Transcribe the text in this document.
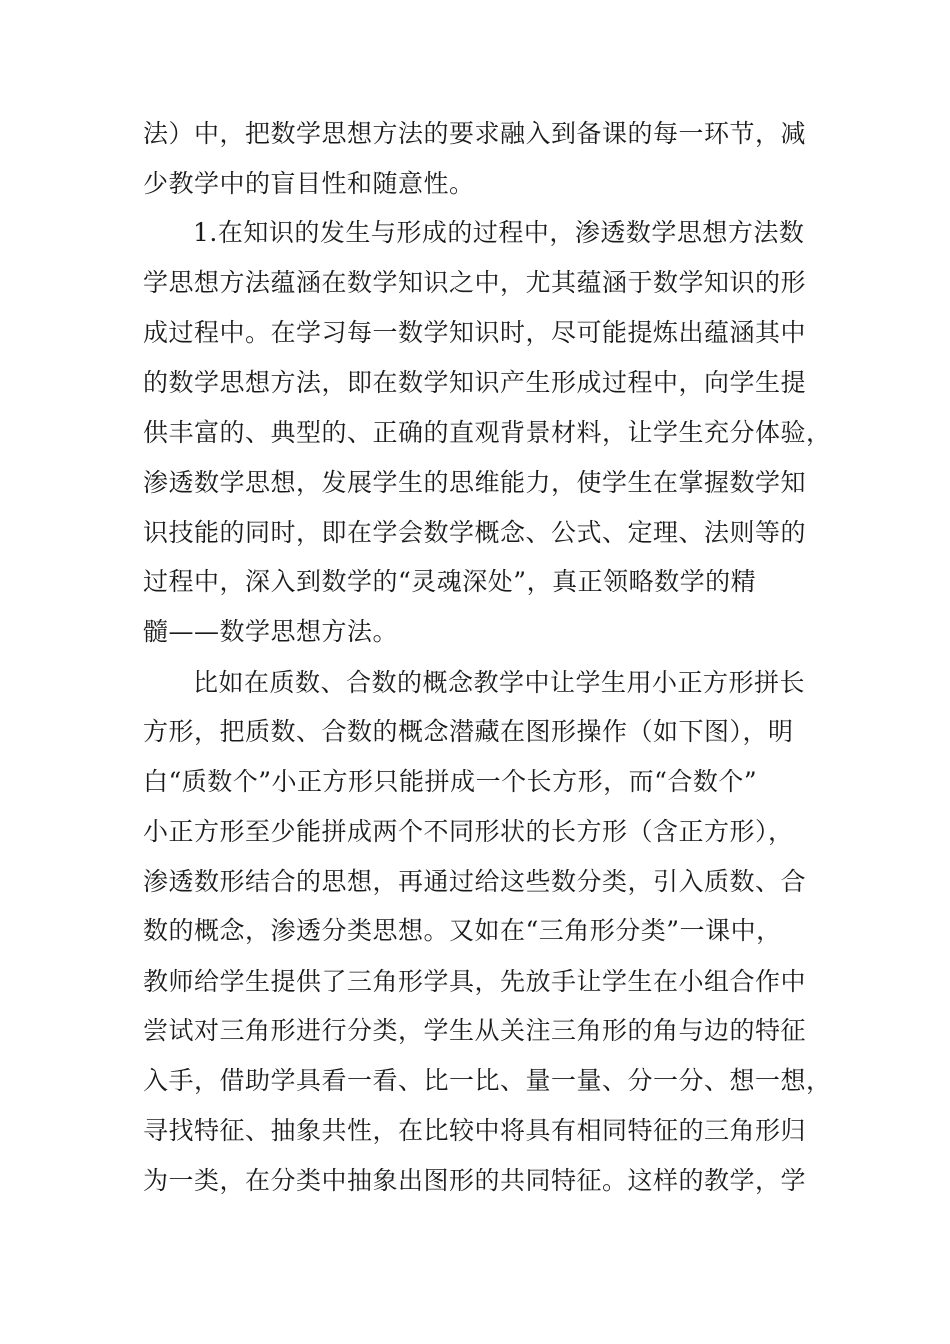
法）中，把数学思想方法的要求融入到备课的每一环节，减
少教学中的盲目性和随意性。
1.在知识的发生与形成的过程中，渗透数学思想方法数
学思想方法蕴涵在数学知识之中，尤其蕴涵于数学知识的形
成过程中。在学习每一数学知识时，尽可能提炼出蕴涵其中
的数学思想方法，即在数学知识产生形成过程中，向学生提
供丰富的、典型的、正确的直观背景材料，让学生充分体验，
渗透数学思想，发展学生的思维能力，使学生在掌握数学知
识技能的同时，即在学会数学概念、公式、定理、法则等的
过程中，深入到数学的“灵魂深处”，真正领略数学的精
髓——数学思想方法。
比如在质数、合数的概念教学中让学生用小正方形拼长
方形，把质数、合数的概念潜藏在图形操作（如下图），明
白“质数个”小正方形只能拼成一个长方形，而“合数个”
小正方形至少能拼成两个不同形状的长方形（含正方形），
渗透数形结合的思想，再通过给这些数分类，引入质数、合
数的概念，渗透分类思想。又如在“三角形分类”一课中，
教师给学生提供了三角形学具，先放手让学生在小组合作中
尝试对三角形进行分类，学生从关注三角形的角与边的特征
入手，借助学具看一看、比一比、量一量、分一分、想一想，
寻找特征、抽象共性，在比较中将具有相同特征的三角形归
为一类，在分类中抽象出图形的共同特征。这样的教学，学
